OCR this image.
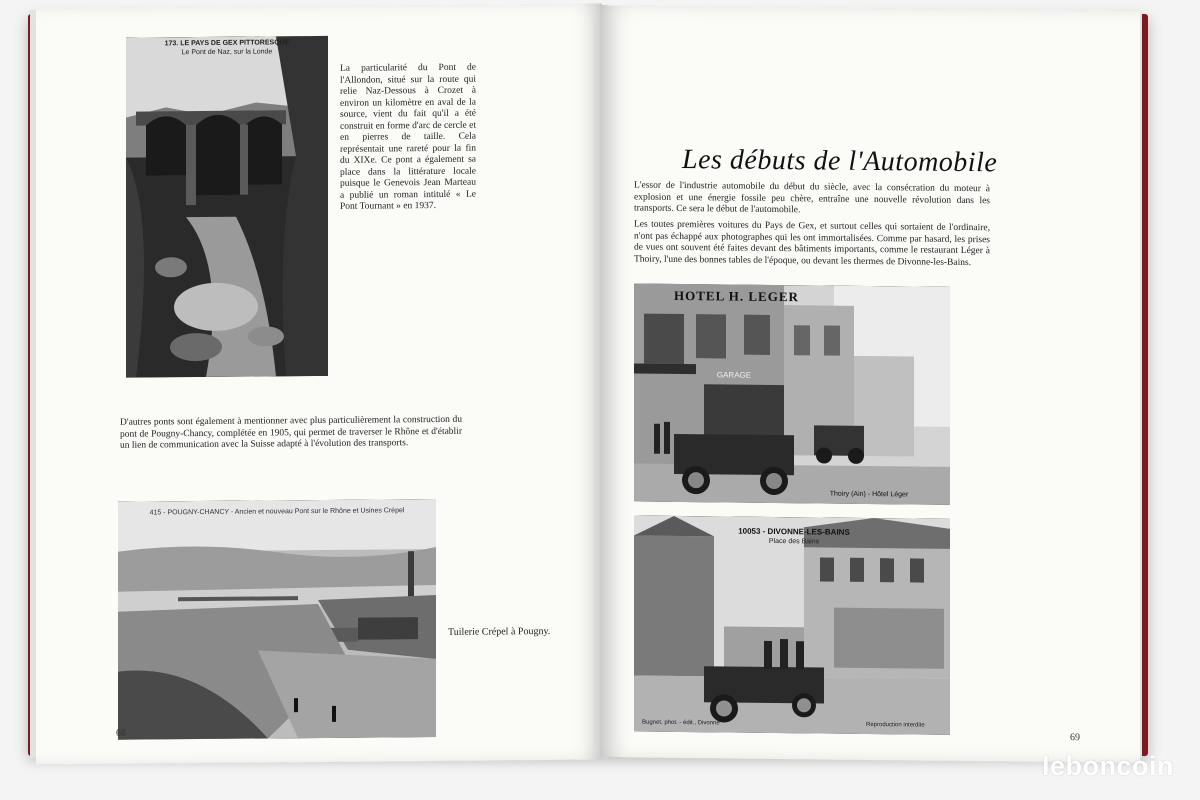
173. LE PAYS DE GEX PITTORESQUE
Le Pont de Naz, sur la Londe
La particularité du Pont de l'Allondon, situé sur la route qui relie Naz-Dessous à Crozet à environ un kilomètre en aval de la source, vient du fait qu'il a été construit en forme d'arc de cercle et en pierres de taille. Cela représentait une rareté pour la fin du XIXe. Ce pont a également sa place dans la littérature locale puisque le Genevois Jean Marteau a publié un roman intitulé « Le Pont Tournant » en 1937.
D'autres ponts sont également à mentionner avec plus particulièrement la construction du pont de Pougny-Chancy, complétée en 1905, qui permet de traverser le Rhône et d'établir un lien de communication avec la Suisse adapté à l'évolution des transports.
415 - POUGNY-CHANCY - Ancien et nouveau Pont sur le Rhône et Usines Crépel
Tuilerie Crépel à Pougny.
68
Les débuts de l'Automobile
L'essor de l'industrie automobile du début du siècle, avec la consécration du moteur à explosion et une énergie fossile peu chère, entraîne une nouvelle révolution dans les transports. Ce sera le début de l'automobile.
Les toutes premières voitures du Pays de Gex, et surtout celles qui sortaient de l'ordinaire, n'ont pas échappé aux photographes qui les ont immortalisées. Comme par hasard, les prises de vues ont souvent été faites devant des bâtiments importants, comme le restaurant Léger à Thoiry, l'une des bonnes tables de l'époque, ou devant les thermes de Divonne-les-Bains.
HOTEL H. LEGER
GARAGE
Thoiry (Ain) - Hôtel Léger
10053 - DIVONNE-LES-BAINS
Place des Bains
Bugnet, phot. - édit., Divonne	Reproduction interdite
69
leboncoin
